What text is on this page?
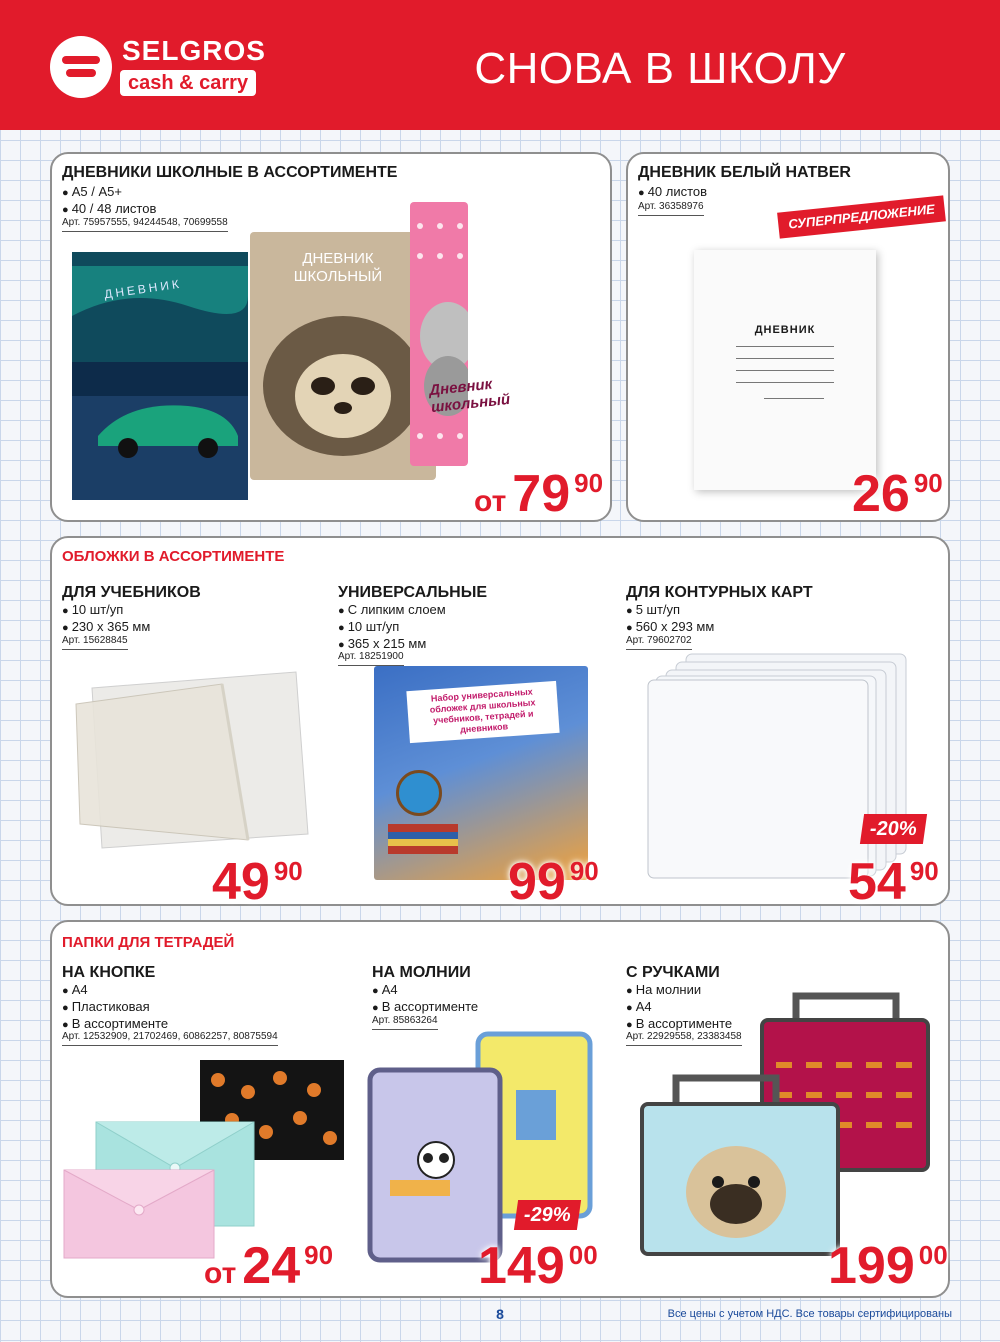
SELGROS
cash & carry	СНОВА В ШКОЛУ
ДНЕВНИКИ ШКОЛНЫЕ В АССОРТИМЕНТЕ
● А5 / А5+
● 40 / 48 листов
Арт. 75957555, 94244548, 70699558
ДНЕВНИК
ДНЕВНИК ШКОЛЬНЫЙ
Дневник школьный
от 79 90
ДНЕВНИК БЕЛЫЙ HATBER
● 40 листов
Арт. 36358976	СУПЕРПРЕДЛОЖЕНИЕ
ДНЕВНИК
26 90
ОБЛОЖКИ В АССОРТИМЕНТЕ
ДЛЯ УЧЕБНИКОВ
● 10 шт/уп
● 230 x 365 мм
Арт. 15628845
49 90
УНИВЕРСАЛЬНЫЕ
● С липким слоем
● 10 шт/уп
● 365 x 215 мм
Арт. 18251900
Набор универсальных обложек для школьных учебников, тетрадей и дневников
99 90
ДЛЯ КОНТУРНЫХ КАРТ
● 5 шт/уп
● 560 x 293 мм
Арт. 79602702
-20%
54 90
ПАПКИ ДЛЯ ТЕТРАДЕЙ
НА КНОПКЕ
● А4
● Пластиковая
● В ассортименте
Арт. 12532909, 21702469, 60862257, 80875594
от 24 90
НА МОЛНИИ
● А4
● В ассортименте
Арт. 85863264
-29%
149 00
С РУЧКАМИ
● На молнии
● А4
● В ассортименте
Арт. 22929558, 23383458
199 00
8	Все цены с учетом НДС. Все товары сертифицированы
